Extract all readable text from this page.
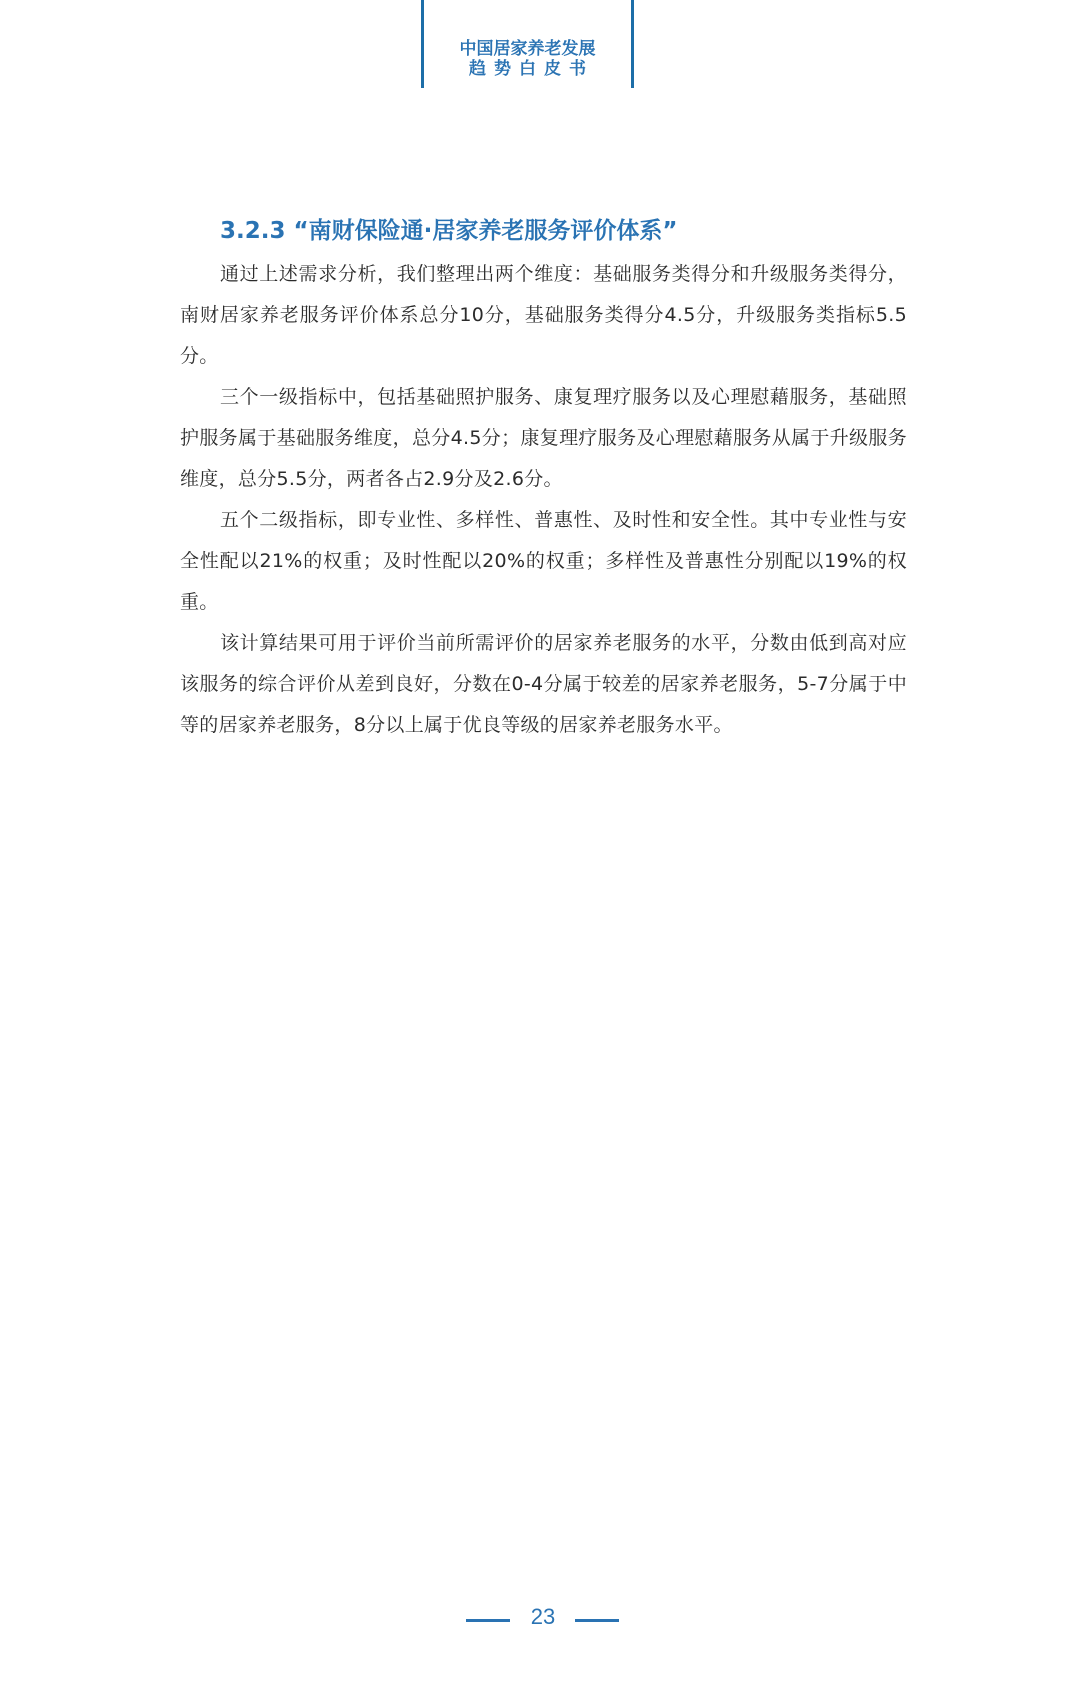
中国居家养老发展
趋势白皮书
3.2.3 “南财保险通·居家养老服务评价体系”

通过上述需求分析，我们整理出两个维度：基础服务类得分和升级服务类得分，南财居家养老服务评价体系总分10分，基础服务类得分4.5分，升级服务类指标5.5分。

三个一级指标中，包括基础照护服务、康复理疗服务以及心理慰藉服务，基础照护服务属于基础服务维度，总分4.5分；康复理疗服务及心理慰藉服务从属于升级服务维度，总分5.5分，两者各占2.9分及2.6分。

五个二级指标，即专业性、多样性、普惠性、及时性和安全性。其中专业性与安全性配以21%的权重；及时性配以20%的权重；多样性及普惠性分别配以19%的权重。

该计算结果可用于评价当前所需评价的居家养老服务的水平，分数由低到高对应该服务的综合评价从差到良好，分数在0-4分属于较差的居家养老服务，5-7分属于中等的居家养老服务，8分以上属于优良等级的居家养老服务水平。

23
